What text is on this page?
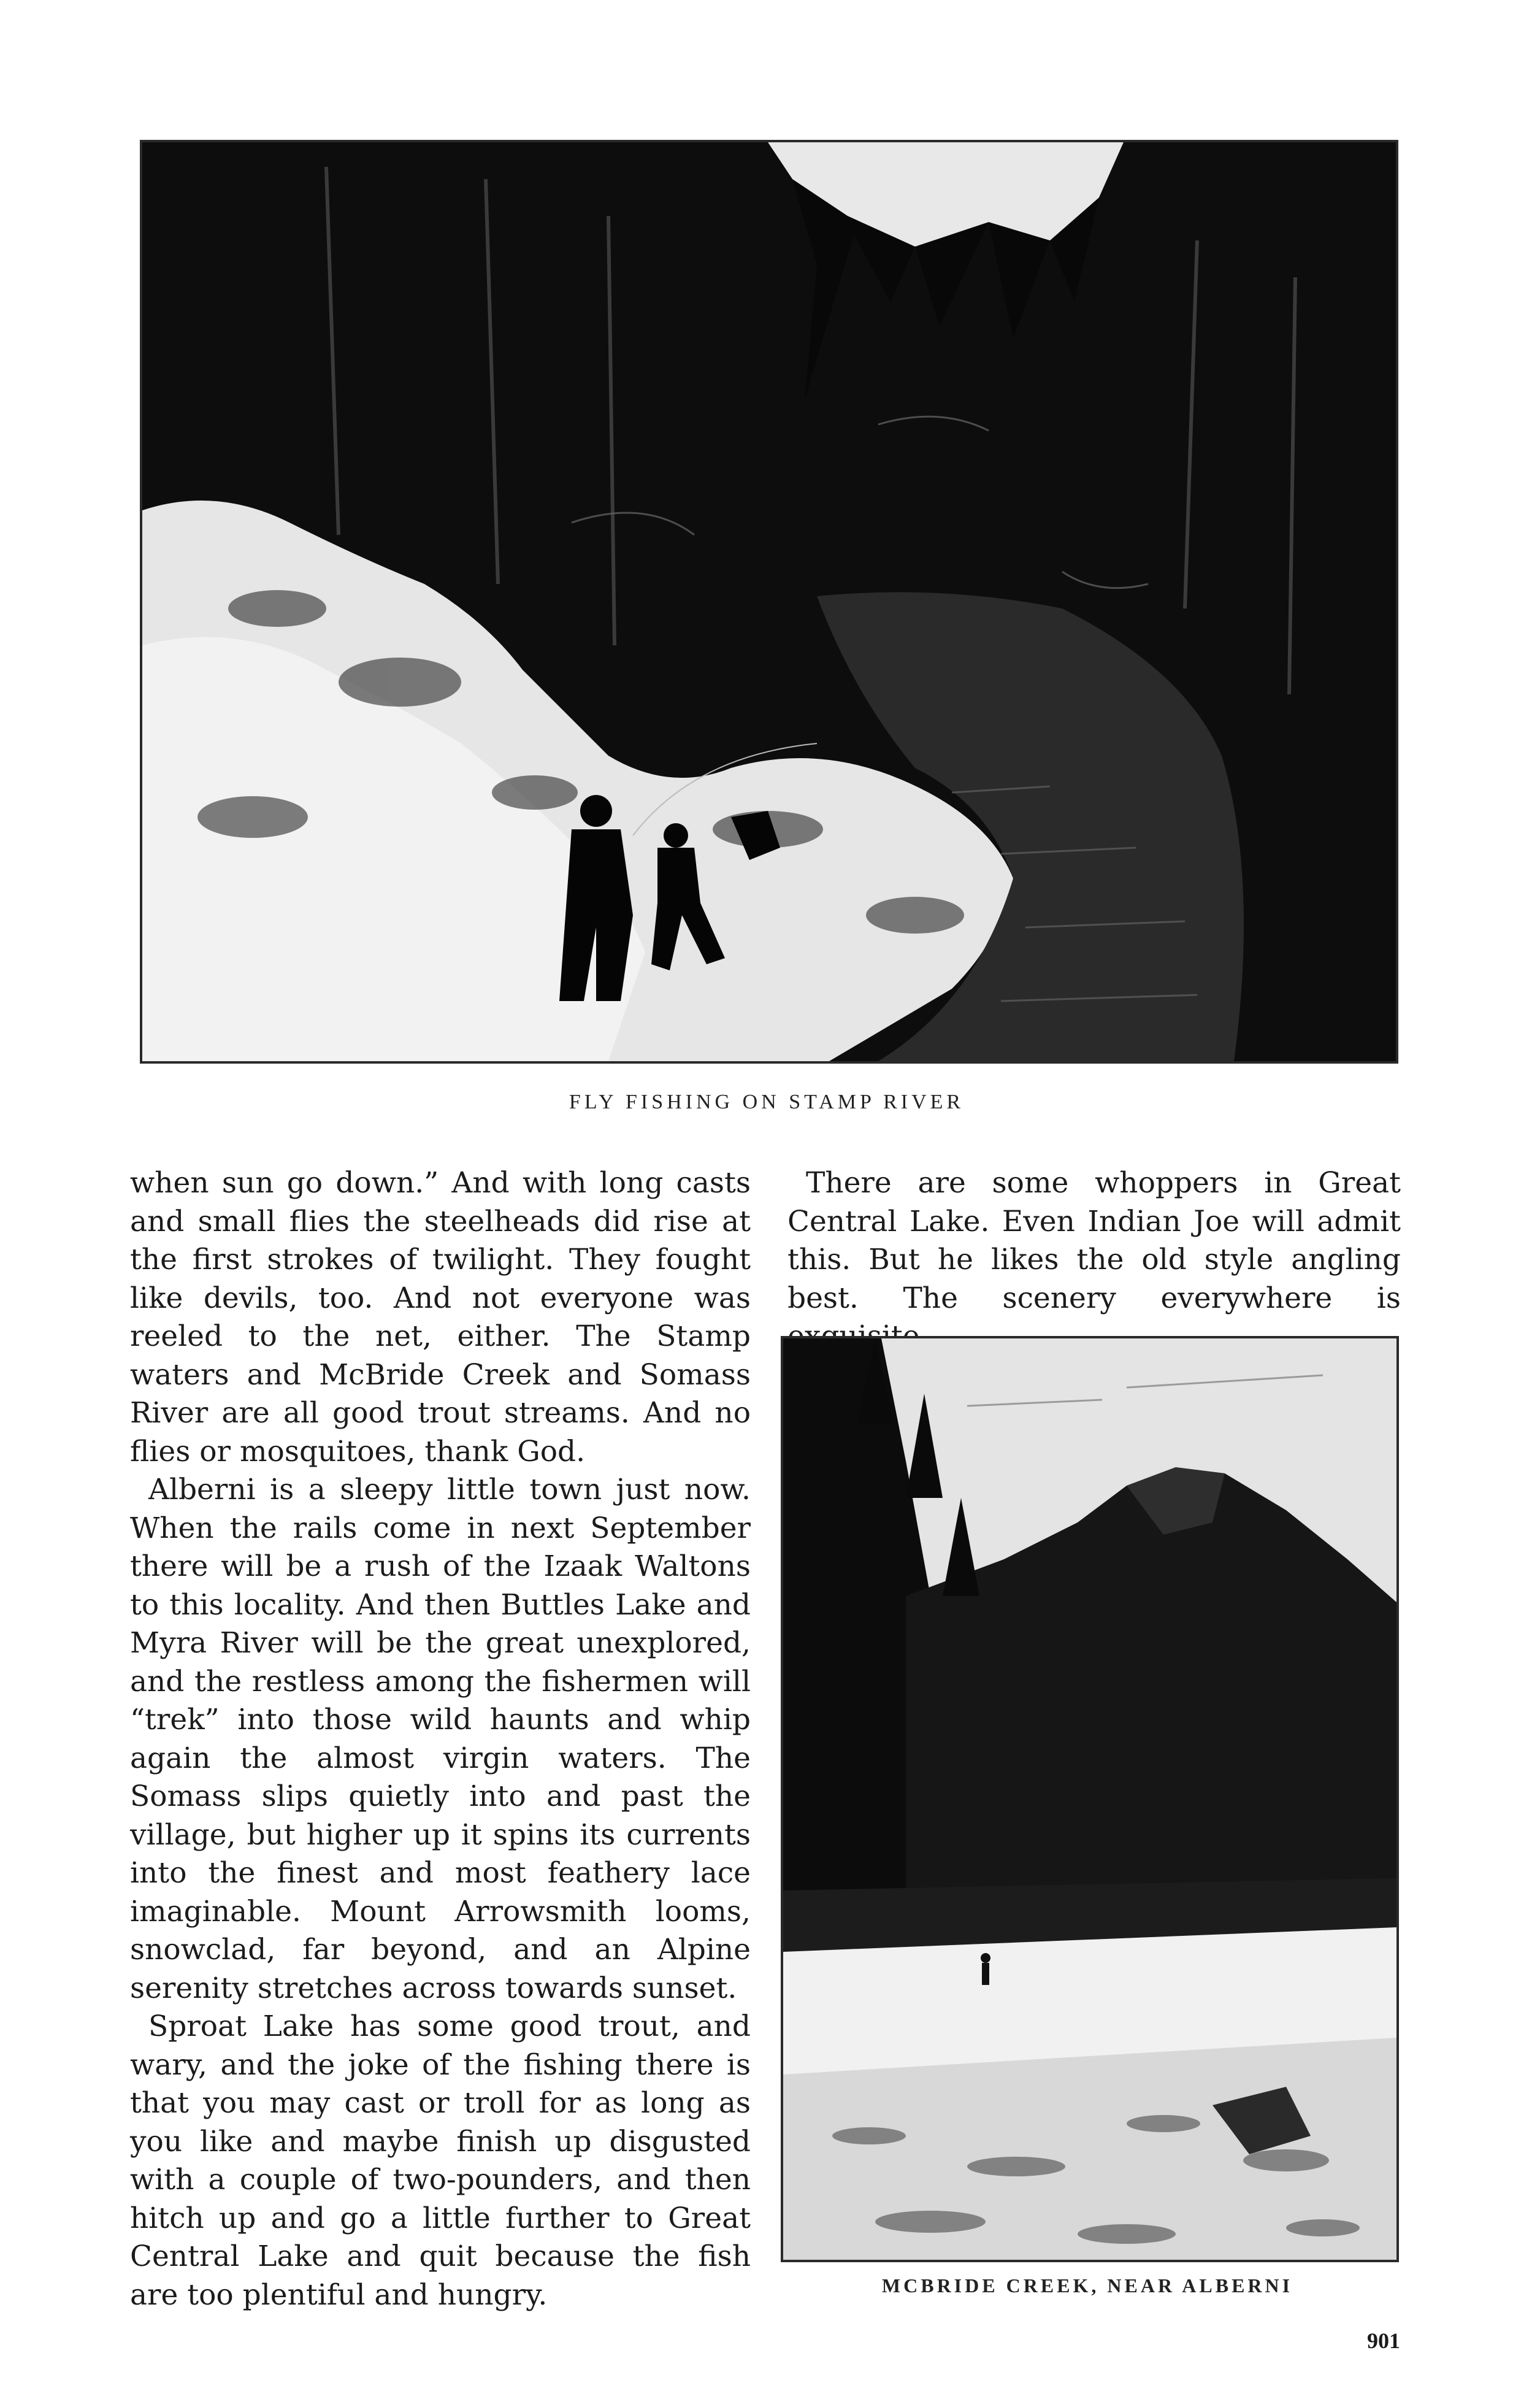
FLY FISHING ON STAMP RIVER

when sun go down.” And with long casts and small flies the steelheads did rise at the first strokes of twilight. They fought like devils, too. And not everyone was reeled to the net, either. The Stamp waters and McBride Creek and Somass River are all good trout streams. And no flies or mosquitoes, thank God.

Alberni is a sleepy little town just now. When the rails come in next September there will be a rush of the Izaak Waltons to this locality. And then Buttles Lake and Myra River will be the great unexplored, and the restless among the fishermen will “trek” into those wild haunts and whip again the almost virgin waters. The Somass slips quietly into and past the village, but higher up it spins its currents into the finest and most feathery lace imaginable. Mount Arrowsmith looms, snowclad, far beyond, and an Alpine serenity stretches across towards sunset.

Sproat Lake has some good trout, and wary, and the joke of the fishing there is that you may cast or troll for as long as you like and maybe finish up disgusted with a couple of two-pounders, and then hitch up and go a little further to Great Central Lake and quit because the fish are too plentiful and hungry.

There are some whoppers in Great Central Lake. Even Indian Joe will admit this. But he likes the old style angling best. The scenery everywhere is

MCBRIDE CREEK, NEAR ALBERNI
901
